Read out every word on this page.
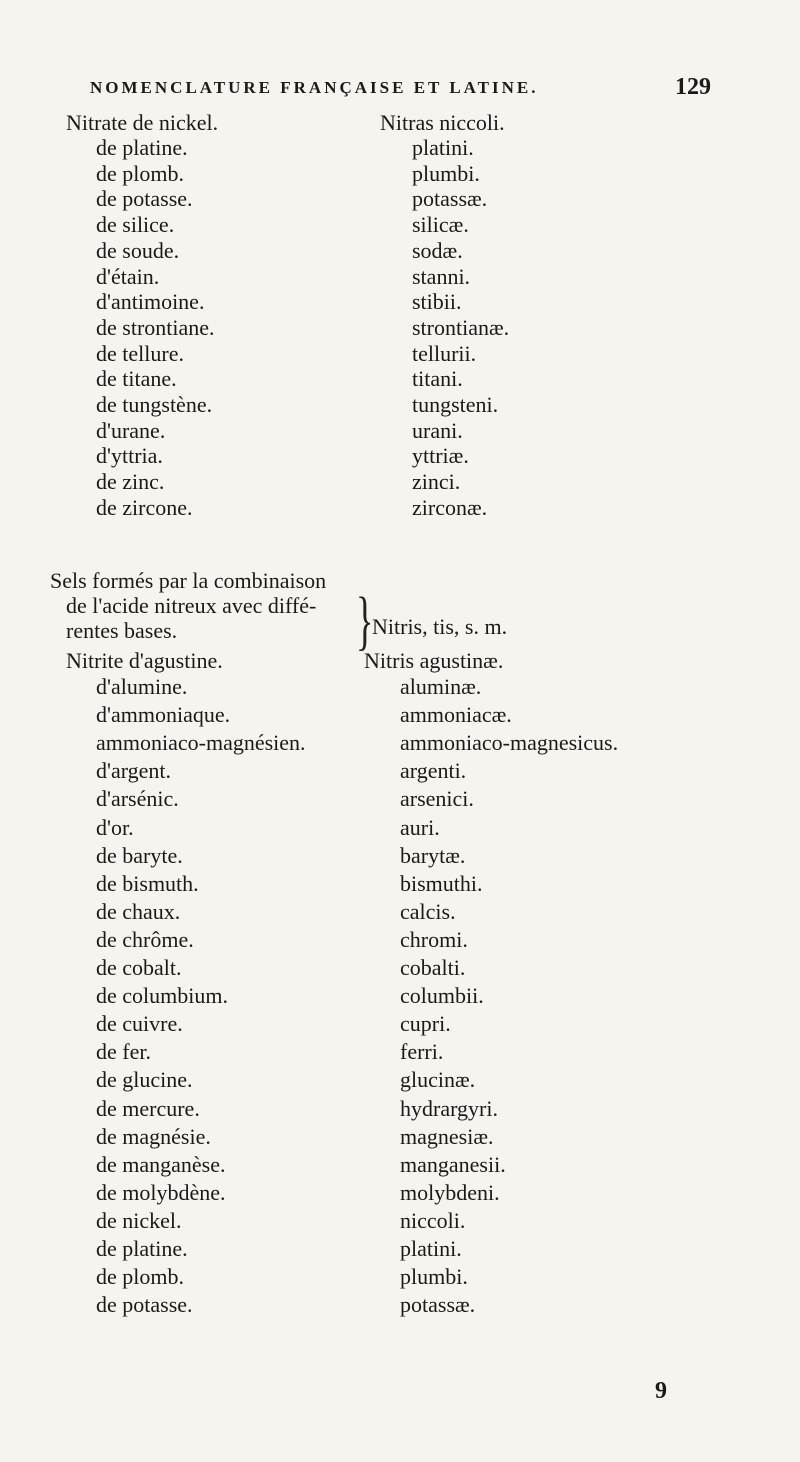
NOMENCLATURE FRANÇAISE ET LATINE.	129
Nitrate de nickel.	Nitras niccoli.
de platine.	platini.
de plomb.	plumbi.
de potasse.	potassæ.
de silice.	silicæ.
de soude.	sodæ.
d'étain.	stanni.
d'antimoine.	stibii.
de strontiane.	strontianæ.
de tellure.	tellurii.
de titane.	titani.
de tungstène.	tungsteni.
d'urane.	urani.
d'yttria.	yttriæ.
de zinc.	zinci.
de zircone.	zirconæ.
Sels formés par la combinaison
de l'acide nitreux avec diffé-
rentes bases.	}
Nitris, tis, s. m.
Nitrite d'agustine.	Nitris agustinæ.
d'alumine.	aluminæ.
d'ammoniaque.	ammoniacæ.
ammoniaco-magnésien.	ammoniaco-magnesicus.
d'argent.	argenti.
d'arsénic.	arsenici.
d'or.	auri.
de baryte.	barytæ.
de bismuth.	bismuthi.
de chaux.	calcis.
de chrôme.	chromi.
de cobalt.	cobalti.
de columbium.	columbii.
de cuivre.	cupri.
de fer.	ferri.
de glucine.	glucinæ.
de mercure.	hydrargyri.
de magnésie.	magnesiæ.
de manganèse.	manganesii.
de molybdène.	molybdeni.
de nickel.	niccoli.
de platine.	platini.
de plomb.	plumbi.
de potasse.	potassæ.
9
